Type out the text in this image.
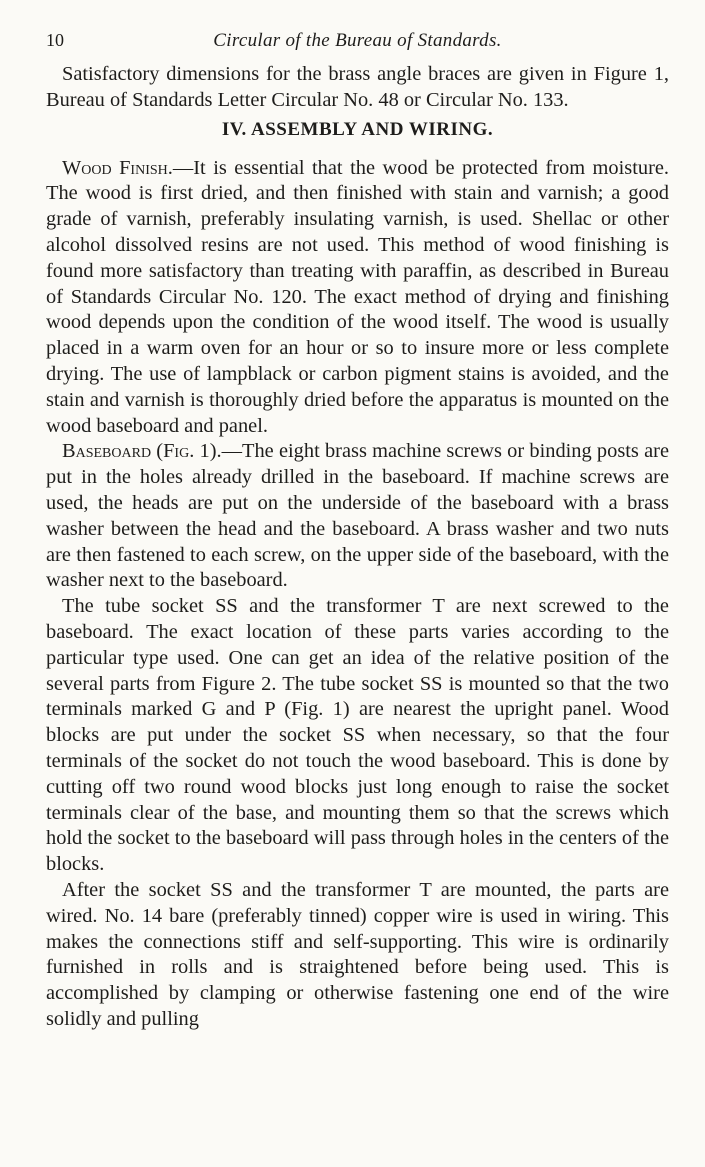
10	Circular of the Bureau of Standards.

Satisfactory dimensions for the brass angle braces are given in Figure 1, Bureau of Standards Letter Circular No. 48 or Circular No. 133.

IV. ASSEMBLY AND WIRING.

Wood Finish.—It is essential that the wood be protected from moisture. The wood is first dried, and then finished with stain and varnish; a good grade of varnish, preferably insulating varnish, is used. Shellac or other alcohol dissolved resins are not used. This method of wood finishing is found more satisfactory than treating with paraffin, as described in Bureau of Standards Circular No. 120. The exact method of drying and finishing wood depends upon the condition of the wood itself. The wood is usually placed in a warm oven for an hour or so to insure more or less complete drying. The use of lampblack or carbon pigment stains is avoided, and the stain and varnish is thoroughly dried before the apparatus is mounted on the wood baseboard and panel.

Baseboard (Fig. 1).—The eight brass machine screws or binding posts are put in the holes already drilled in the baseboard. If machine screws are used, the heads are put on the underside of the baseboard with a brass washer between the head and the baseboard. A brass washer and two nuts are then fastened to each screw, on the upper side of the baseboard, with the washer next to the baseboard.

The tube socket SS and the transformer T are next screwed to the baseboard. The exact location of these parts varies according to the particular type used. One can get an idea of the relative position of the several parts from Figure 2. The tube socket SS is mounted so that the two terminals marked G and P (Fig. 1) are nearest the upright panel. Wood blocks are put under the socket SS when necessary, so that the four terminals of the socket do not touch the wood baseboard. This is done by cutting off two round wood blocks just long enough to raise the socket terminals clear of the base, and mounting them so that the screws which hold the socket to the baseboard will pass through holes in the centers of the blocks.

After the socket SS and the transformer T are mounted, the parts are wired. No. 14 bare (preferably tinned) copper wire is used in wiring. This makes the connections stiff and self-supporting. This wire is ordinarily furnished in rolls and is straightened before being used. This is accomplished by clamping or otherwise fastening one end of the wire solidly and pulling
